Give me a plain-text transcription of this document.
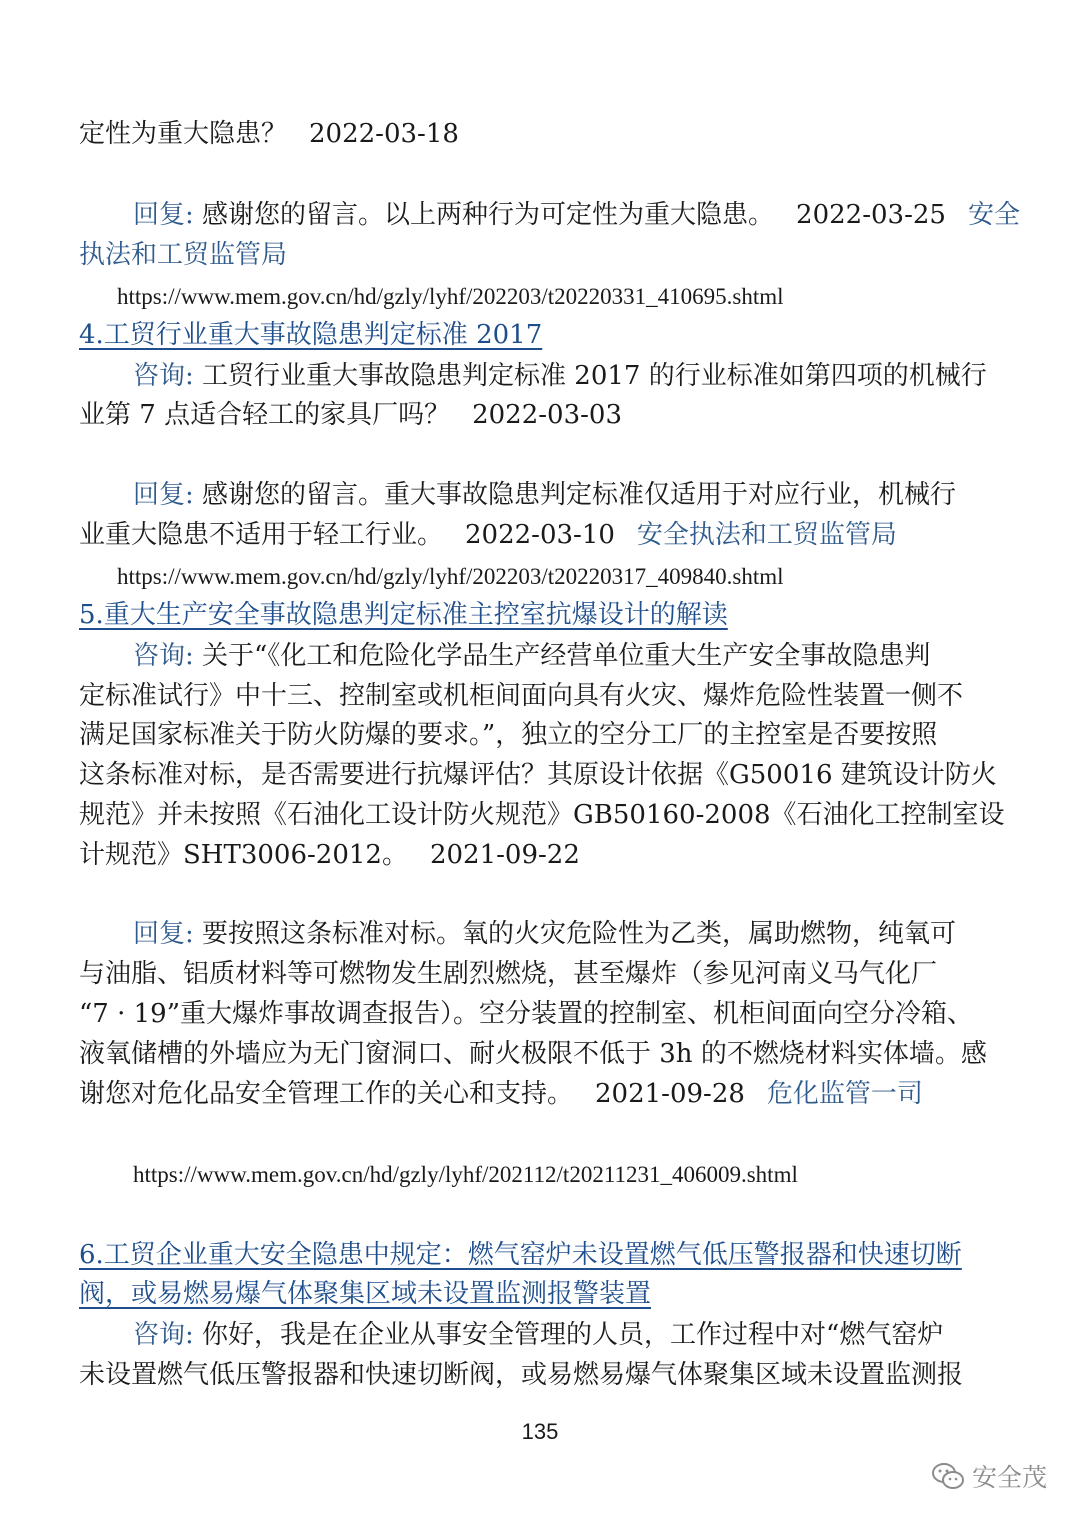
定性为重大隐患？ 2022-03-18
回复: 感谢您的留言。以上两种行为可定性为重大隐患。 2022-03-25 安全
执法和工贸监管局
https://www.mem.gov.cn/hd/gzly/lyhf/202203/t20220331_410695.shtml
4.工贸行业重大事故隐患判定标准 2017
咨询: 工贸行业重大事故隐患判定标准 2017 的行业标准如第四项的机械行
业第 7 点适合轻工的家具厂吗？ 2022-03-03
回复: 感谢您的留言。重大事故隐患判定标准仅适用于对应行业，机械行
业重大隐患不适用于轻工行业。 2022-03-10 安全执法和工贸监管局
https://www.mem.gov.cn/hd/gzly/lyhf/202203/t20220317_409840.shtml
5.重大生产安全事故隐患判定标准主控室抗爆设计的解读
咨询: 关于“《化工和危险化学品生产经营单位重大生产安全事故隐患判
定标准试行》中十三、控制室或机柜间面向具有火灾、爆炸危险性装置一侧不
满足国家标准关于防火防爆的要求。”，独立的空分工厂的主控室是否要按照
这条标准对标，是否需要进行抗爆评估？其原设计依据《G50016 建筑设计防火
规范》并未按照《石油化工设计防火规范》GB50160-2008《石油化工控制室设
计规范》SHT3006-2012。 2021-09-22
回复: 要按照这条标准对标。氧的火灾危险性为乙类，属助燃物，纯氧可
与油脂、铝质材料等可燃物发生剧烈燃烧，甚至爆炸（参见河南义马气化厂
“7 · 19”重大爆炸事故调查报告）。空分装置的控制室、机柜间面向空分冷箱、
液氧储槽的外墙应为无门窗洞口、耐火极限不低于 3h 的不燃烧材料实体墙。感
谢您对危化品安全管理工作的关心和支持。 2021-09-28 危化监管一司
https://www.mem.gov.cn/hd/gzly/lyhf/202112/t20211231_406009.shtml
6.工贸企业重大安全隐患中规定：燃气窑炉未设置燃气低压警报器和快速切断
阀，或易燃易爆气体聚集区域未设置监测报警装置
咨询: 你好，我是在企业从事安全管理的人员，工作过程中对“燃气窑炉
未设置燃气低压警报器和快速切断阀，或易燃易爆气体聚集区域未设置监测报
135
安全茂
